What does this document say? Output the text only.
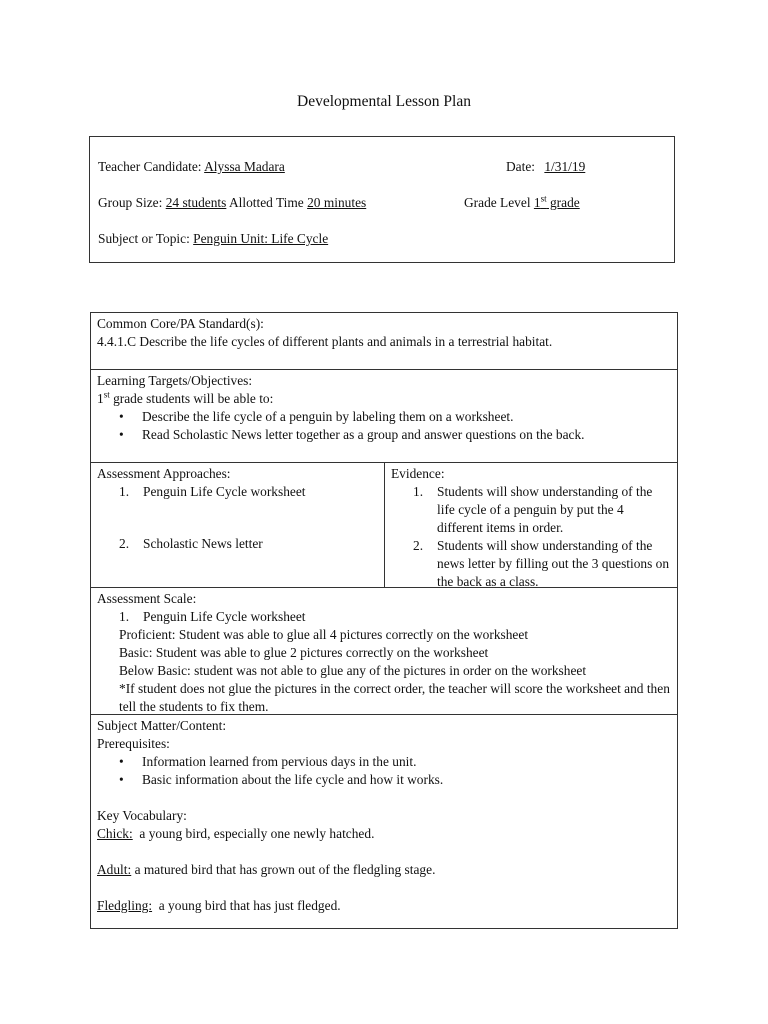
Developmental Lesson Plan
Teacher Candidate: Alyssa Madara	Date: 1/31/19
Group Size: 24 students Allotted Time 20 minutes	Grade Level 1st grade
Subject or Topic: Penguin Unit: Life Cycle
Common Core/PA Standard(s):
4.4.1.C Describe the life cycles of different plants and animals in a terrestrial habitat.
Learning Targets/Objectives:
1st grade students will be able to:
• Describe the life cycle of a penguin by labeling them on a worksheet.
• Read Scholastic News letter together as a group and answer questions on the back.
Assessment Approaches:
1. Penguin Life Cycle worksheet
2. Scholastic News letter
Evidence:
1. Students will show understanding of the life cycle of a penguin by put the 4 different items in order.
2. Students will show understanding of the news letter by filling out the 3 questions on the back as a class.
Assessment Scale:
1. Penguin Life Cycle worksheet
Proficient: Student was able to glue all 4 pictures correctly on the worksheet
Basic: Student was able to glue 2 pictures correctly on the worksheet
Below Basic: student was not able to glue any of the pictures in order on the worksheet
*If student does not glue the pictures in the correct order, the teacher will score the worksheet and then tell the students to fix them.
Subject Matter/Content:
Prerequisites:
• Information learned from pervious days in the unit.
• Basic information about the life cycle and how it works.
Key Vocabulary:
Chick:  a young bird, especially one newly hatched.
Adult: a matured bird that has grown out of the fledgling stage.
Fledgling:  a young bird that has just fledged.
